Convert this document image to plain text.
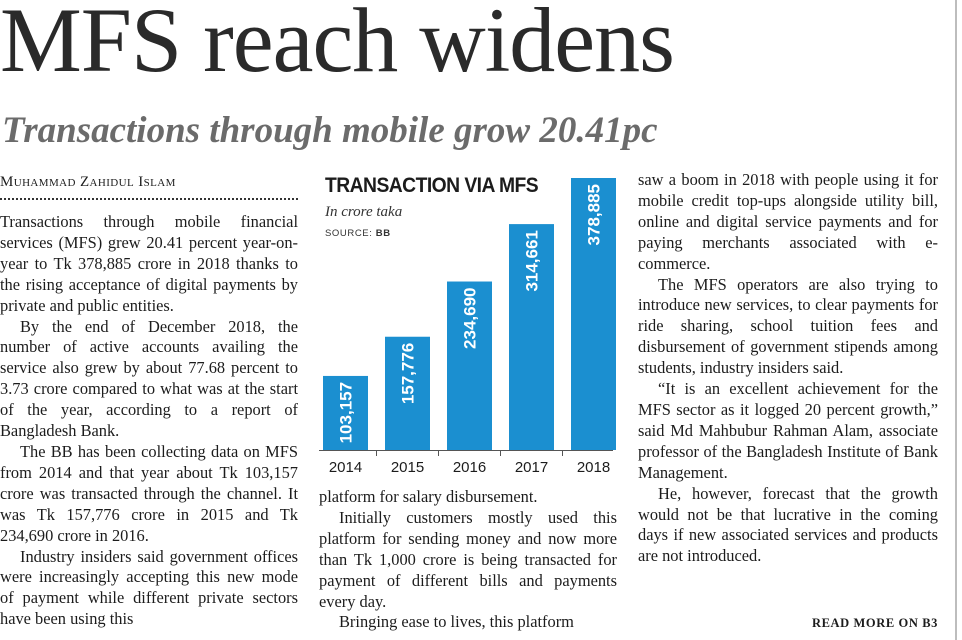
MFS reach widens
Transactions through mobile grow 20.41pc
Muhammad Zahidul Islam

Transactions through mobile financial services (MFS) grew 20.41 percent year-on-year to Tk 378,885 crore in 2018 thanks to the rising acceptance of digital payments by private and public entities.

By the end of December 2018, the number of active accounts availing the service also grew by about 77.68 percent to 3.73 crore compared to what was at the start of the year, according to a report of Bangladesh Bank.

The BB has been collecting data on MFS from 2014 and that year about Tk 103,157 crore was transacted through the channel. It was Tk 157,776 crore in 2015 and Tk 234,690 crore in 2016.

Industry insiders said government offices were increasingly accepting this new mode of payment while different private sectors have been using this

TRANSACTION VIA MFS
In crore taka
SOURCE: BB
103,157
2014
157,776
2015
234,690
2016
314,661
2017
378,885
2018

platform for salary disbursement.

Initially customers mostly used this platform for sending money and now more than Tk 1,000 crore is being transacted for payment of different bills and payments every day.

Bringing ease to lives, this platform

saw a boom in 2018 with people using it for mobile credit top-ups alongside utility bill, online and digital service payments and for paying merchants associated with e-commerce.

The MFS operators are also trying to introduce new services, to clear payments for ride sharing, school tuition fees and disbursement of government stipends among students, industry insiders said.

“It is an excellent achievement for the MFS sector as it logged 20 percent growth,” said Md Mahbubur Rahman Alam, associate professor of the Bangladesh Institute of Bank Management.

He, however, forecast that the growth would not be that lucrative in the coming days if new associated services and products are not introduced.

READ MORE ON B3
